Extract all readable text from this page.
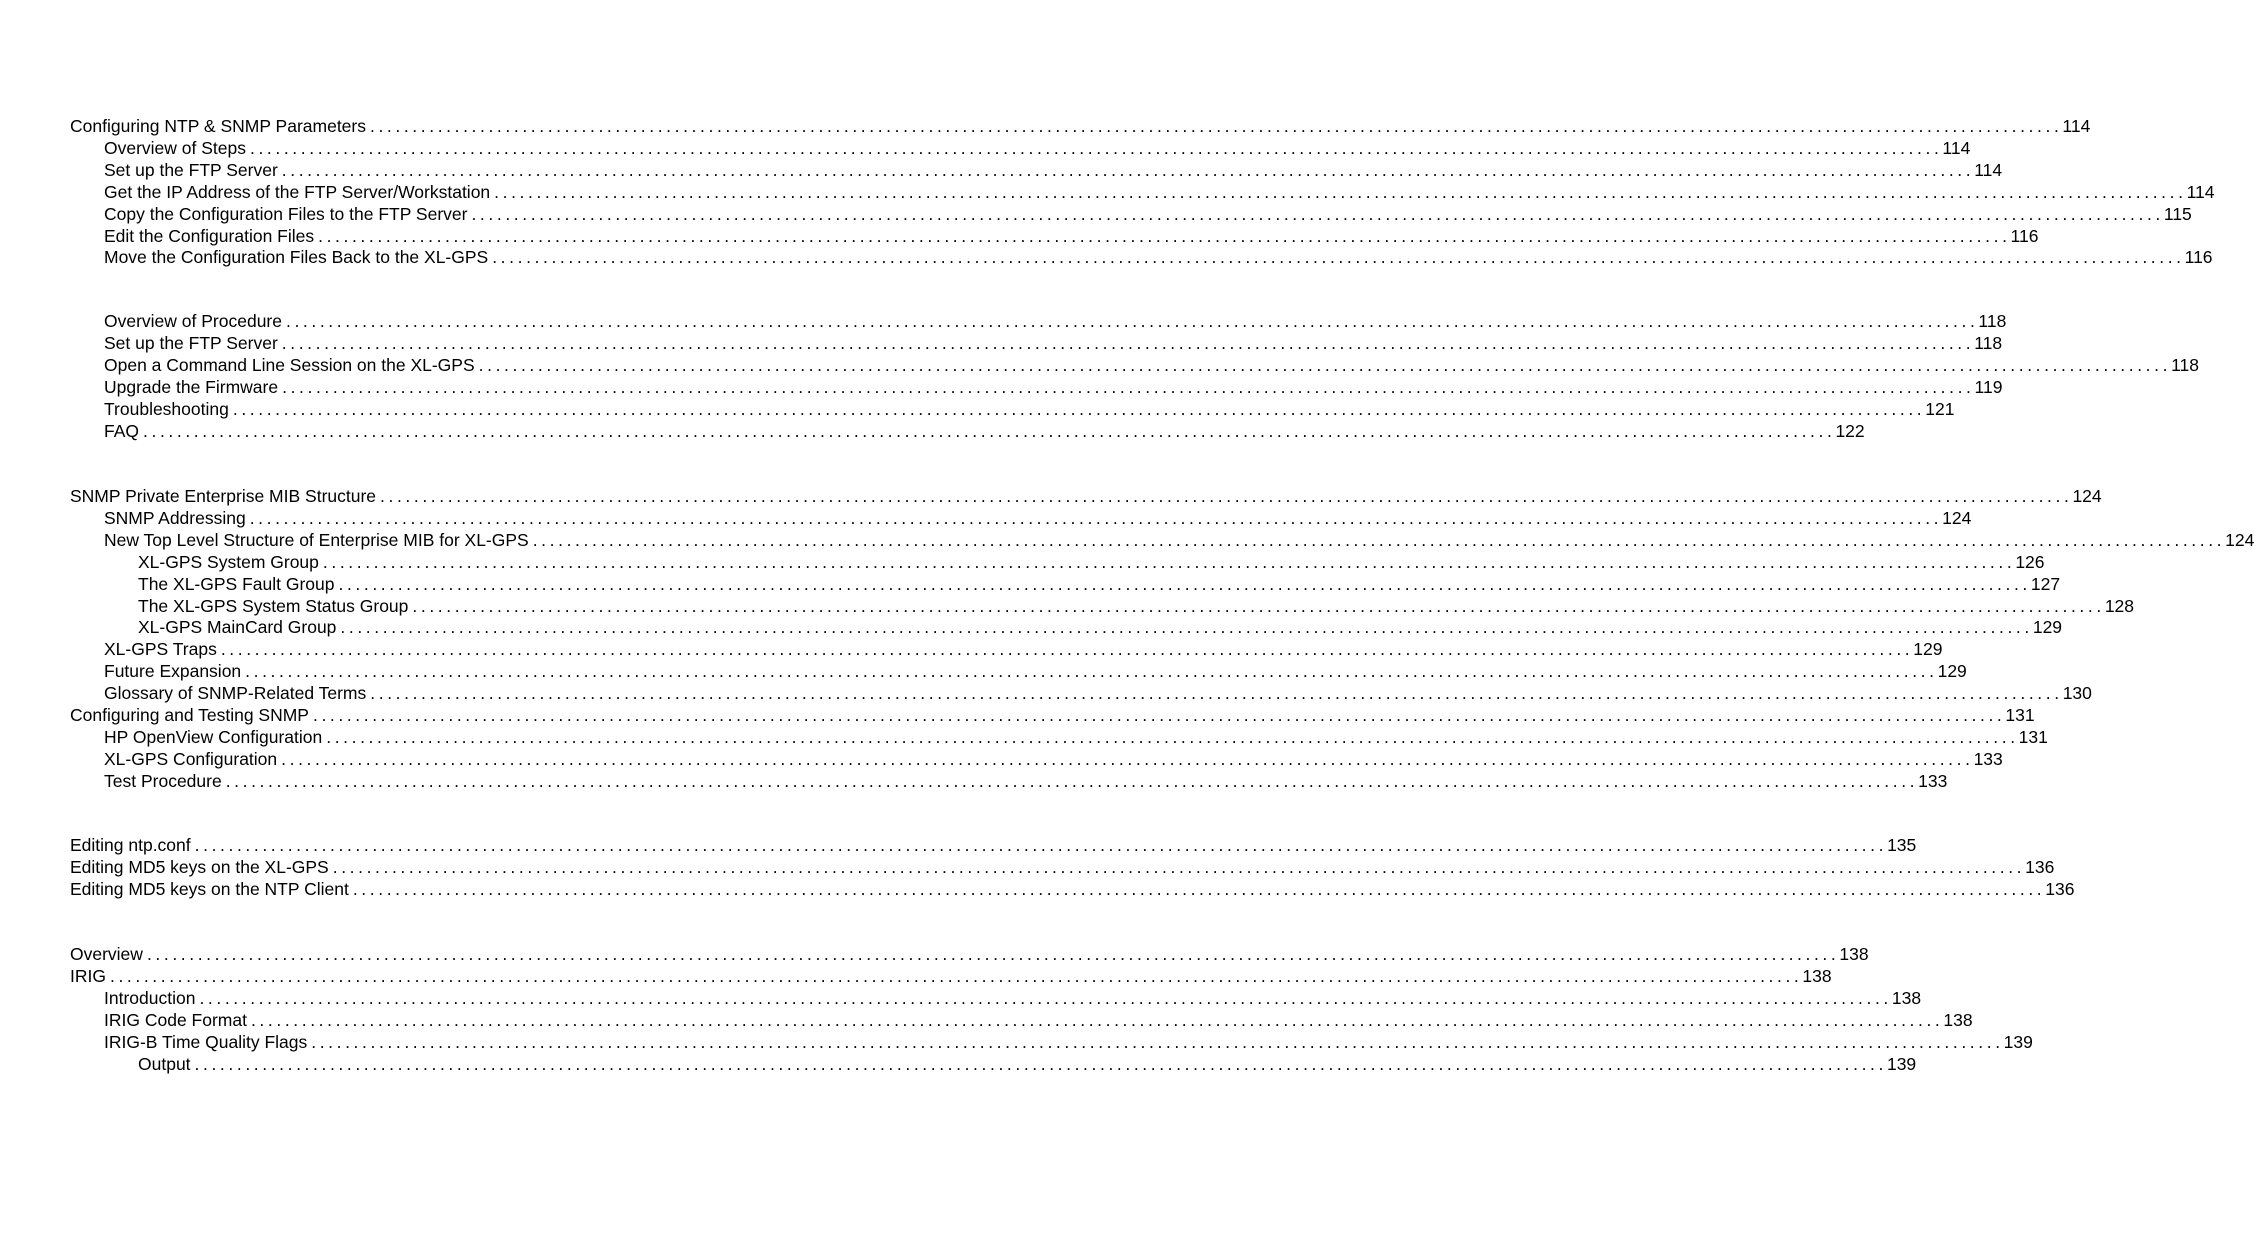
Configuring NTP & SNMP Parameters ........................................................................................................................................................................................................ 114
Overview of Steps ........................................................................................................................................................................................................ 114
Set up the FTP Server ........................................................................................................................................................................................................ 114
Get the IP Address of the FTP Server/Workstation ........................................................................................................................................................................................................ 114
Copy the Configuration Files to the FTP Server ........................................................................................................................................................................................................ 115
Edit the Configuration Files ........................................................................................................................................................................................................ 116
Move the Configuration Files Back to the XL-GPS ........................................................................................................................................................................................................ 116
Overview of Procedure ........................................................................................................................................................................................................ 118
Set up the FTP Server ........................................................................................................................................................................................................ 118
Open a Command Line Session on the XL-GPS ........................................................................................................................................................................................................ 118
Upgrade the Firmware ........................................................................................................................................................................................................ 119
Troubleshooting ........................................................................................................................................................................................................ 121
FAQ ........................................................................................................................................................................................................ 122
SNMP Private Enterprise MIB Structure ........................................................................................................................................................................................................ 124
SNMP Addressing ........................................................................................................................................................................................................ 124
New Top Level Structure of Enterprise MIB for XL-GPS ........................................................................................................................................................................................................ 124
XL-GPS System Group ........................................................................................................................................................................................................ 126
The XL-GPS Fault Group ........................................................................................................................................................................................................ 127
The XL-GPS System Status Group ........................................................................................................................................................................................................ 128
XL-GPS MainCard Group ........................................................................................................................................................................................................ 129
XL-GPS Traps ........................................................................................................................................................................................................ 129
Future Expansion ........................................................................................................................................................................................................ 129
Glossary of SNMP-Related Terms ........................................................................................................................................................................................................ 130
Configuring and Testing SNMP ........................................................................................................................................................................................................ 131
HP OpenView Configuration ........................................................................................................................................................................................................ 131
XL-GPS Configuration ........................................................................................................................................................................................................ 133
Test Procedure ........................................................................................................................................................................................................ 133
Editing ntp.conf ........................................................................................................................................................................................................ 135
Editing MD5 keys on the XL-GPS ........................................................................................................................................................................................................ 136
Editing MD5 keys on the NTP Client ........................................................................................................................................................................................................ 136
Overview ........................................................................................................................................................................................................ 138
IRIG ........................................................................................................................................................................................................ 138
Introduction ........................................................................................................................................................................................................ 138
IRIG Code Format ........................................................................................................................................................................................................ 138
IRIG-B Time Quality Flags ........................................................................................................................................................................................................ 139
Output ........................................................................................................................................................................................................ 139
